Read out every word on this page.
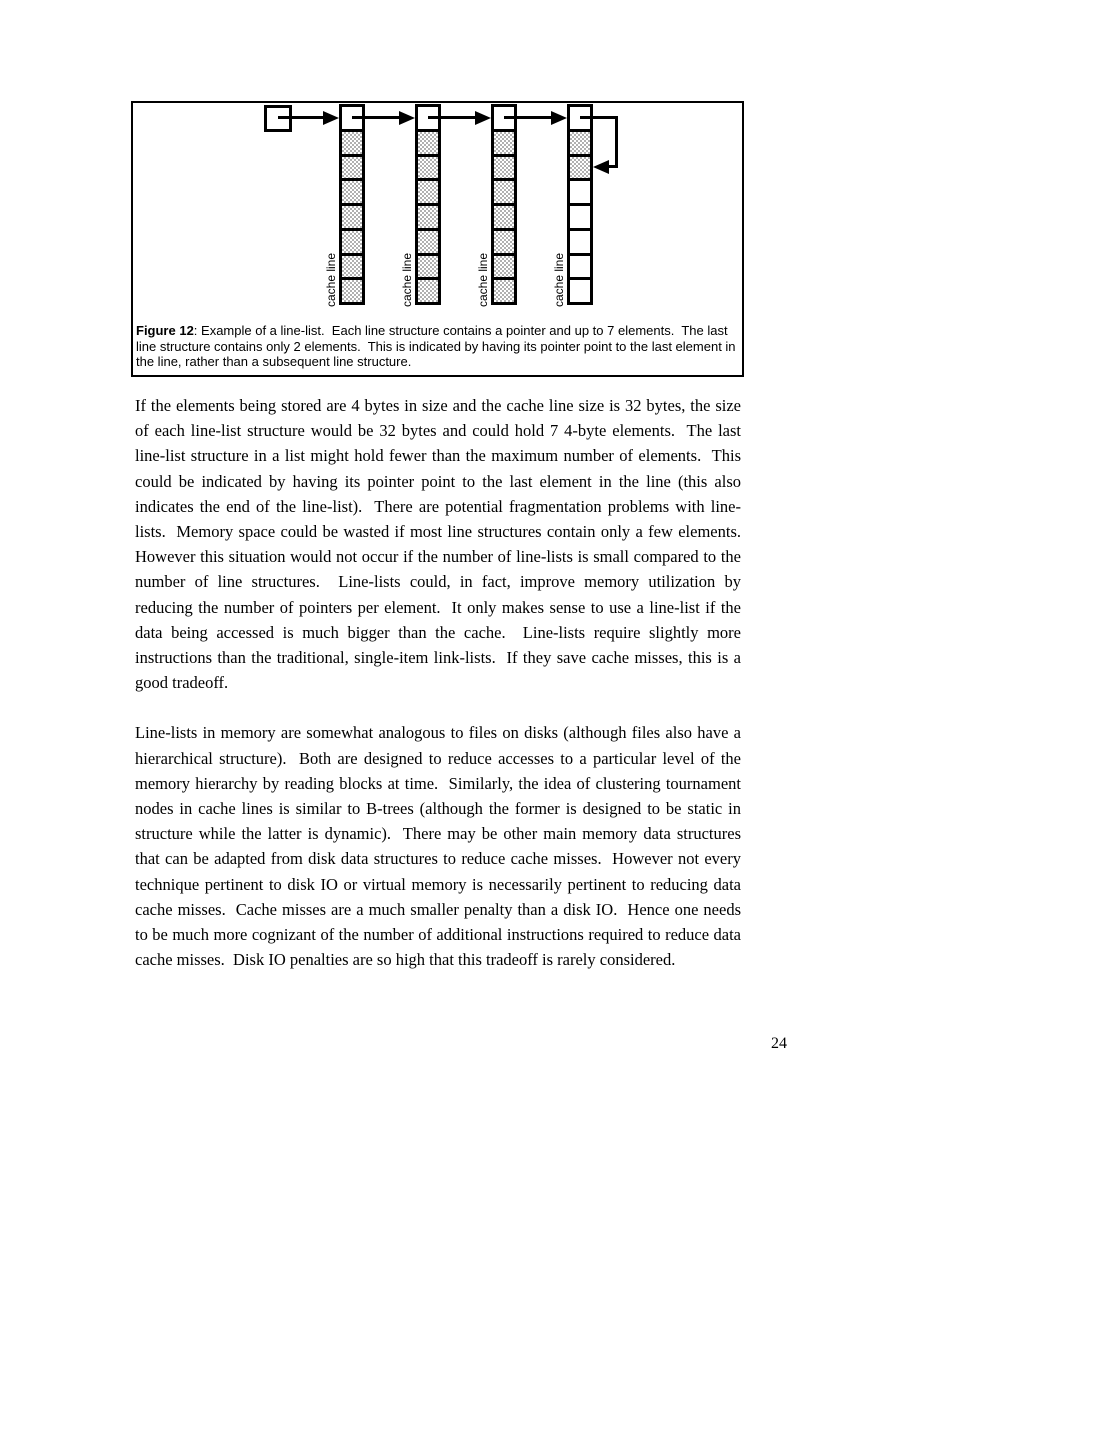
cache line	cache line	cache line	cache line
Figure 12: Example of a line-list.  Each line structure contains a pointer and up to 7 elements.  The last line structure contains only 2 elements.  This is indicated by having its pointer point to the last element in the line, rather than a subsequent line structure.

If the elements being stored are 4 bytes in size and the cache line size is 32 bytes, the size of each line-list structure would be 32 bytes and could hold 7 4-byte elements.  The last line-list structure in a list might hold fewer than the maximum number of elements.  This could be indicated by having its pointer point to the last element in the line (this also indicates the end of the line-list).  There are potential fragmentation problems with line-lists.  Memory space could be wasted if most line structures contain only a few elements.  However this situation would not occur if the number of line-lists is small compared to the number of line structures.  Line-lists could, in fact, improve memory utilization by reducing the number of pointers per element.  It only makes sense to use a line-list if the data being accessed is much bigger than the cache.  Line-lists require slightly more instructions than the traditional, single-item link-lists.  If they save cache misses, this is a good tradeoff.

Line-lists in memory are somewhat analogous to files on disks (although files also have a hierarchical structure).  Both are designed to reduce accesses to a particular level of the memory hierarchy by reading blocks at time.  Similarly, the idea of clustering tournament nodes in cache lines is similar to B-trees (although the former is designed to be static in structure while the latter is dynamic).  There may be other main memory data structures that can be adapted from disk data structures to reduce cache misses.  However not every technique pertinent to disk IO or virtual memory is necessarily pertinent to reducing data cache misses.  Cache misses are a much smaller penalty than a disk IO.  Hence one needs to be much more cognizant of the number of additional instructions required to reduce data cache misses.  Disk IO penalties are so high that this tradeoff is rarely considered.

24
